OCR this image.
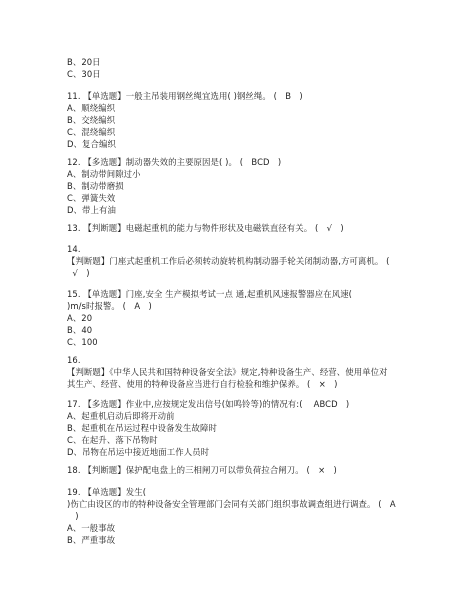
B、20日
C、30日
11. 【单选题】一般主吊装用钢丝绳宜选用( )钢丝绳。 (   B   )
A、顺绕编织
B、交绕编织
C、混绕编织
D、复合编织
12. 【多选题】制动器失效的主要原因是( )。 (   BCD   )
A、制动带间隙过小
B、制动带磨损
C、弹簧失效
D、带上有油
13. 【判断题】电磁起重机的能力与物件形状及电磁铁直径有关。 (   √   )
14.
【判断题】门座式起重机工作后必须转动旋转机构制动器手轮关闭制动器,方可离机。 (
√   )
15. 【单选题】门座,安全 生产模拟考试一点 通,起重机风速报警器应在风速(
)m/s时报警。 (   A   )
A、20
B、40
C、100
16.
【判断题】《中华人民共和国特种设备安全法》规定,特种设备生产、经营、使用单位对
其生产、经营、使用的特种设备应当进行自行检验和维护保养。 (   ×   )
17. 【多选题】作业中,应按规定发出信号(如鸣铃等)的情况有:(    ABCD   )
A、起重机启动后即将开动前
B、起重机在吊运过程中设备发生故障时
C、在起升、落下吊物时
D、吊物在吊运中接近地面工作人员时
18. 【判断题】保护配电盘上的三相闸刀可以带负荷拉合闸刀。 (   ×   )
19. 【单选题】发生(
)伤亡由设区的市的特种设备安全管理部门会同有关部门组织事故调查组进行调查。 (   A
)
A、一般事故
B、严重事故
